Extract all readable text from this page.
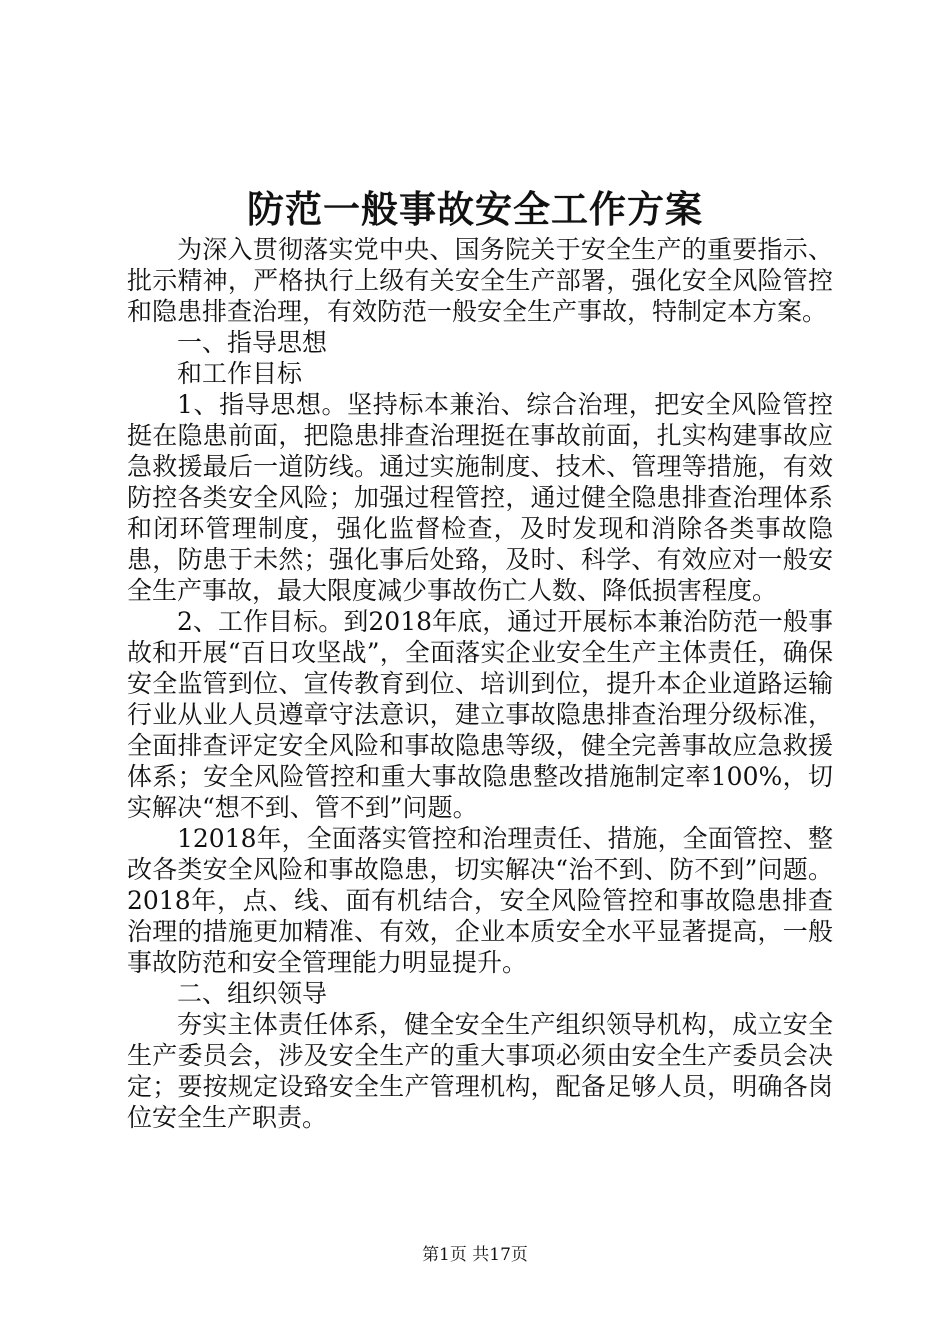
防范一般事故安全工作方案

为深入贯彻落实党中央、国务院关于安全生产的重要指示、批示精神，严格执行上级有关安全生产部署，强化安全风险管控和隐患排查治理，有效防范一般安全生产事故，特制定本方案。

一、指导思想

和工作目标

1、指导思想。坚持标本兼治、综合治理，把安全风险管控挺在隐患前面，把隐患排查治理挺在事故前面，扎实构建事故应急救援最后一道防线。通过实施制度、技术、管理等措施，有效防控各类安全风险；加强过程管控，通过健全隐患排查治理体系和闭环管理制度，强化监督检查，及时发现和消除各类事故隐患，防患于未然；强化事后处臵，及时、科学、有效应对一般安全生产事故，最大限度减少事故伤亡人数、降低损害程度。

2、工作目标。到2018年底，通过开展标本兼治防范一般事故和开展“百日攻坚战”，全面落实企业安全生产主体责任，确保安全监管到位、宣传教育到位、培训到位，提升本企业道路运输行业从业人员遵章守法意识，建立事故隐患排查治理分级标准，全面排查评定安全风险和事故隐患等级，健全完善事故应急救援体系；安全风险管控和重大事故隐患整改措施制定率100%，切实解决“想不到、管不到”问题。

12018年，全面落实管控和治理责任、措施，全面管控、整改各类安全风险和事故隐患，切实解决“治不到、防不到”问题。2018年，点、线、面有机结合，安全风险管控和事故隐患排查治理的措施更加精准、有效，企业本质安全水平显著提高，一般事故防范和安全管理能力明显提升。

二、组织领导

夯实主体责任体系，健全安全生产组织领导机构，成立安全生产委员会，涉及安全生产的重大事项必须由安全生产委员会决定；要按规定设臵安全生产管理机构，配备足够人员，明确各岗位安全生产职责。

第1页 共17页
